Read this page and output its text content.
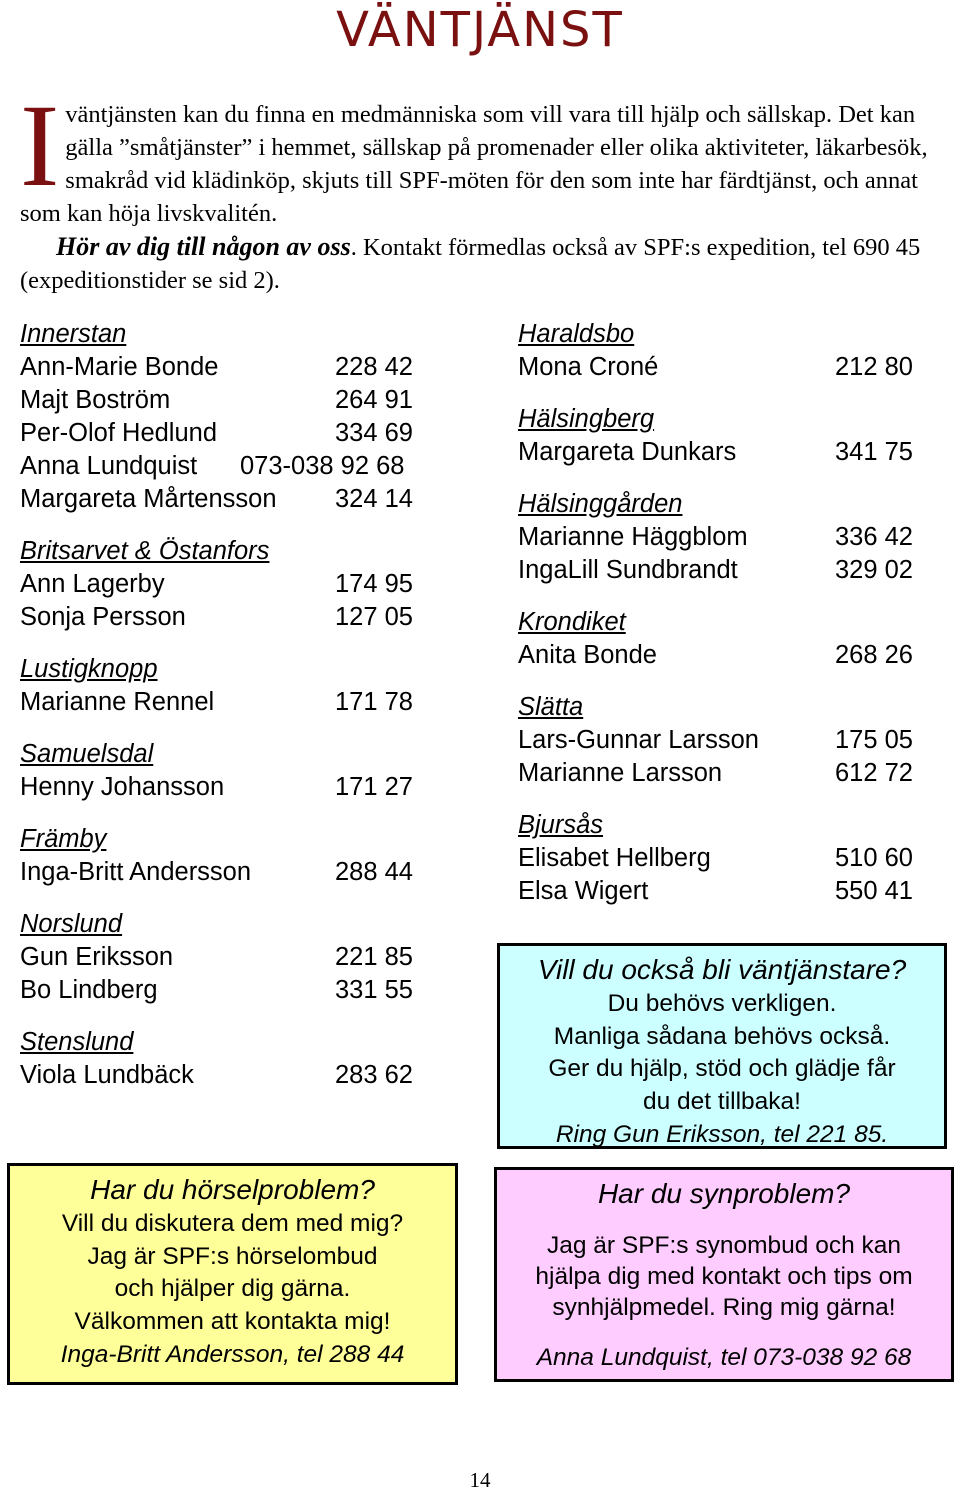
VÄNTJÄNST
I väntjänsten kan du finna en medmänniska som vill vara till hjälp och sällskap. Det kan gälla ”småtjänster” i hemmet, sällskap på promenader eller olika aktiviteter, läkarbesök, smakråd vid klädinköp, skjuts till SPF-möten för den som inte har färdtjänst, och annat som kan höja livskvalitén.

Hör av dig till någon av oss. Kontakt förmedlas också av SPF:s expedition, tel 690 45 (expeditionstider se sid 2).

Innerstan
Ann-Marie Bonde	228 42
Majt Boström	264 91
Per-Olof Hedlund	334 69
Anna Lundquist	073-038 92 68
Margareta Mårtensson	324 14
Britsarvet & Östanfors
Ann Lagerby	174 95
Sonja Persson	127 05
Lustigknopp
Marianne Rennel	171 78
Samuelsdal
Henny Johansson	171 27
Främby
Inga-Britt Andersson	288 44
Norslund
Gun Eriksson	221 85
Bo Lindberg	331 55
Stenslund
Viola Lundbäck	283 62
Haraldsbo
Mona Croné	212 80
Hälsingberg
Margareta Dunkars	341 75
Hälsinggården
Marianne Häggblom	336 42
IngaLill Sundbrandt	329 02
Krondiket
Anita Bonde	268 26
Slätta
Lars-Gunnar Larsson	175 05
Marianne Larsson	612 72
Bjursås
Elisabet Hellberg	510 60
Elsa Wigert	550 41
Vill du också bli väntjänstare?
Du behövs verkligen.
Manliga sådana behövs också.
Ger du hjälp, stöd och glädje får
du det tillbaka!
Ring Gun Eriksson, tel 221 85.
Har du hörselproblem?
Vill du diskutera dem med mig?
Jag är SPF:s hörselombud
och hjälper dig gärna.
Välkommen att kontakta mig!
Inga-Britt Andersson, tel 288 44
Har du synproblem?
Jag är SPF:s synombud och kan
hjälpa dig med kontakt och tips om
synhjälpmedel. Ring mig gärna!
Anna Lundquist, tel 073-038 92 68
14
